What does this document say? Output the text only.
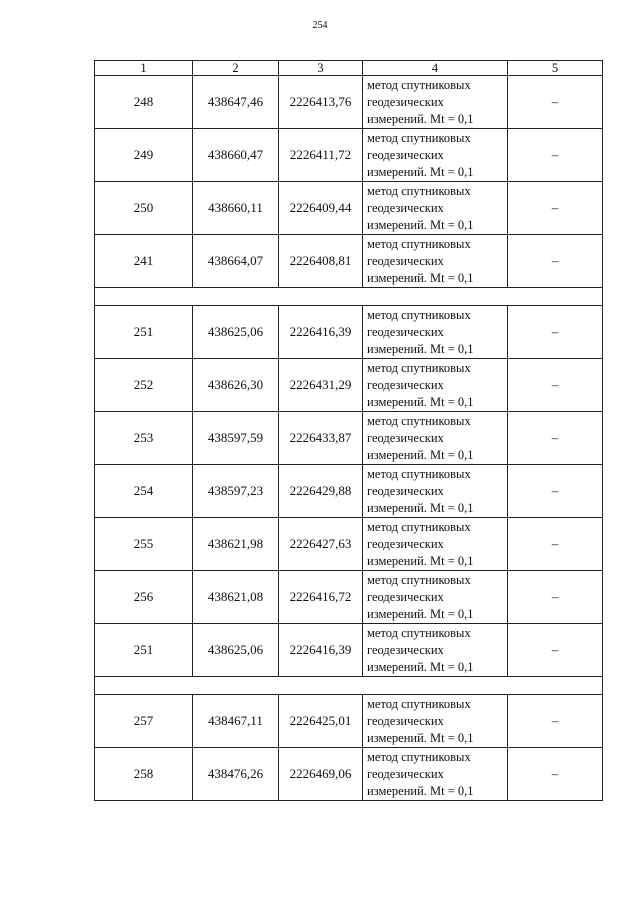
254
1	2	3	4	5
248	438647,46	2226413,76	метод спутниковых
геодезических
измерений. Mt = 0,1	–
249	438660,47	2226411,72	метод спутниковых
геодезических
измерений. Mt = 0,1	–
250	438660,11	2226409,44	метод спутниковых
геодезических
измерений. Mt = 0,1	–
241	438664,07	2226408,81	метод спутниковых
геодезических
измерений. Mt = 0,1	–

251	438625,06	2226416,39	метод спутниковых
геодезических
измерений. Mt = 0,1	–
252	438626,30	2226431,29	метод спутниковых
геодезических
измерений. Mt = 0,1	–
253	438597,59	2226433,87	метод спутниковых
геодезических
измерений. Mt = 0,1	–
254	438597,23	2226429,88	метод спутниковых
геодезических
измерений. Mt = 0,1	–
255	438621,98	2226427,63	метод спутниковых
геодезических
измерений. Mt = 0,1	–
256	438621,08	2226416,72	метод спутниковых
геодезических
измерений. Mt = 0,1	–
251	438625,06	2226416,39	метод спутниковых
геодезических
измерений. Mt = 0,1	–

257	438467,11	2226425,01	метод спутниковых
геодезических
измерений. Mt = 0,1	–
258	438476,26	2226469,06	метод спутниковых
геодезических
измерений. Mt = 0,1	–
